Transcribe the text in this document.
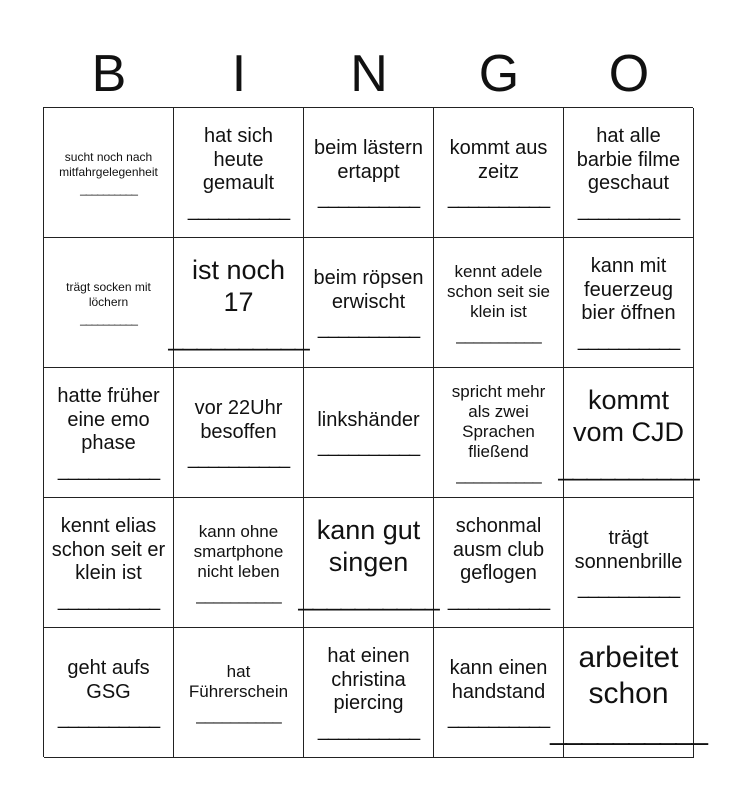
B	I	N	G	O
sucht noch nach mitfahrgelegenheit
__________
hat sich heute gemault
__________
beim lästern ertappt
__________
kommt aus zeitz
__________
hat alle barbie filme geschaut
__________
trägt socken mit löchern
__________
ist noch 17
__________
beim röpsen erwischt
__________
kennt adele schon seit sie klein ist
__________
kann mit feuerzeug bier öffnen
__________
hatte früher eine emo phase
__________
vor 22Uhr besoffen
__________
linkshänder
__________
spricht mehr als zwei Sprachen fließend
__________
kommt vom CJD
__________
kennt elias schon seit er klein ist
__________
kann ohne smartphone nicht leben
__________
kann gut singen
__________
schonmal ausm club geflogen
__________
trägt sonnenbrille
__________
geht aufs GSG
__________
hat Führerschein
__________
hat einen christina piercing
__________
kann einen handstand
__________
arbeitet schon
__________
